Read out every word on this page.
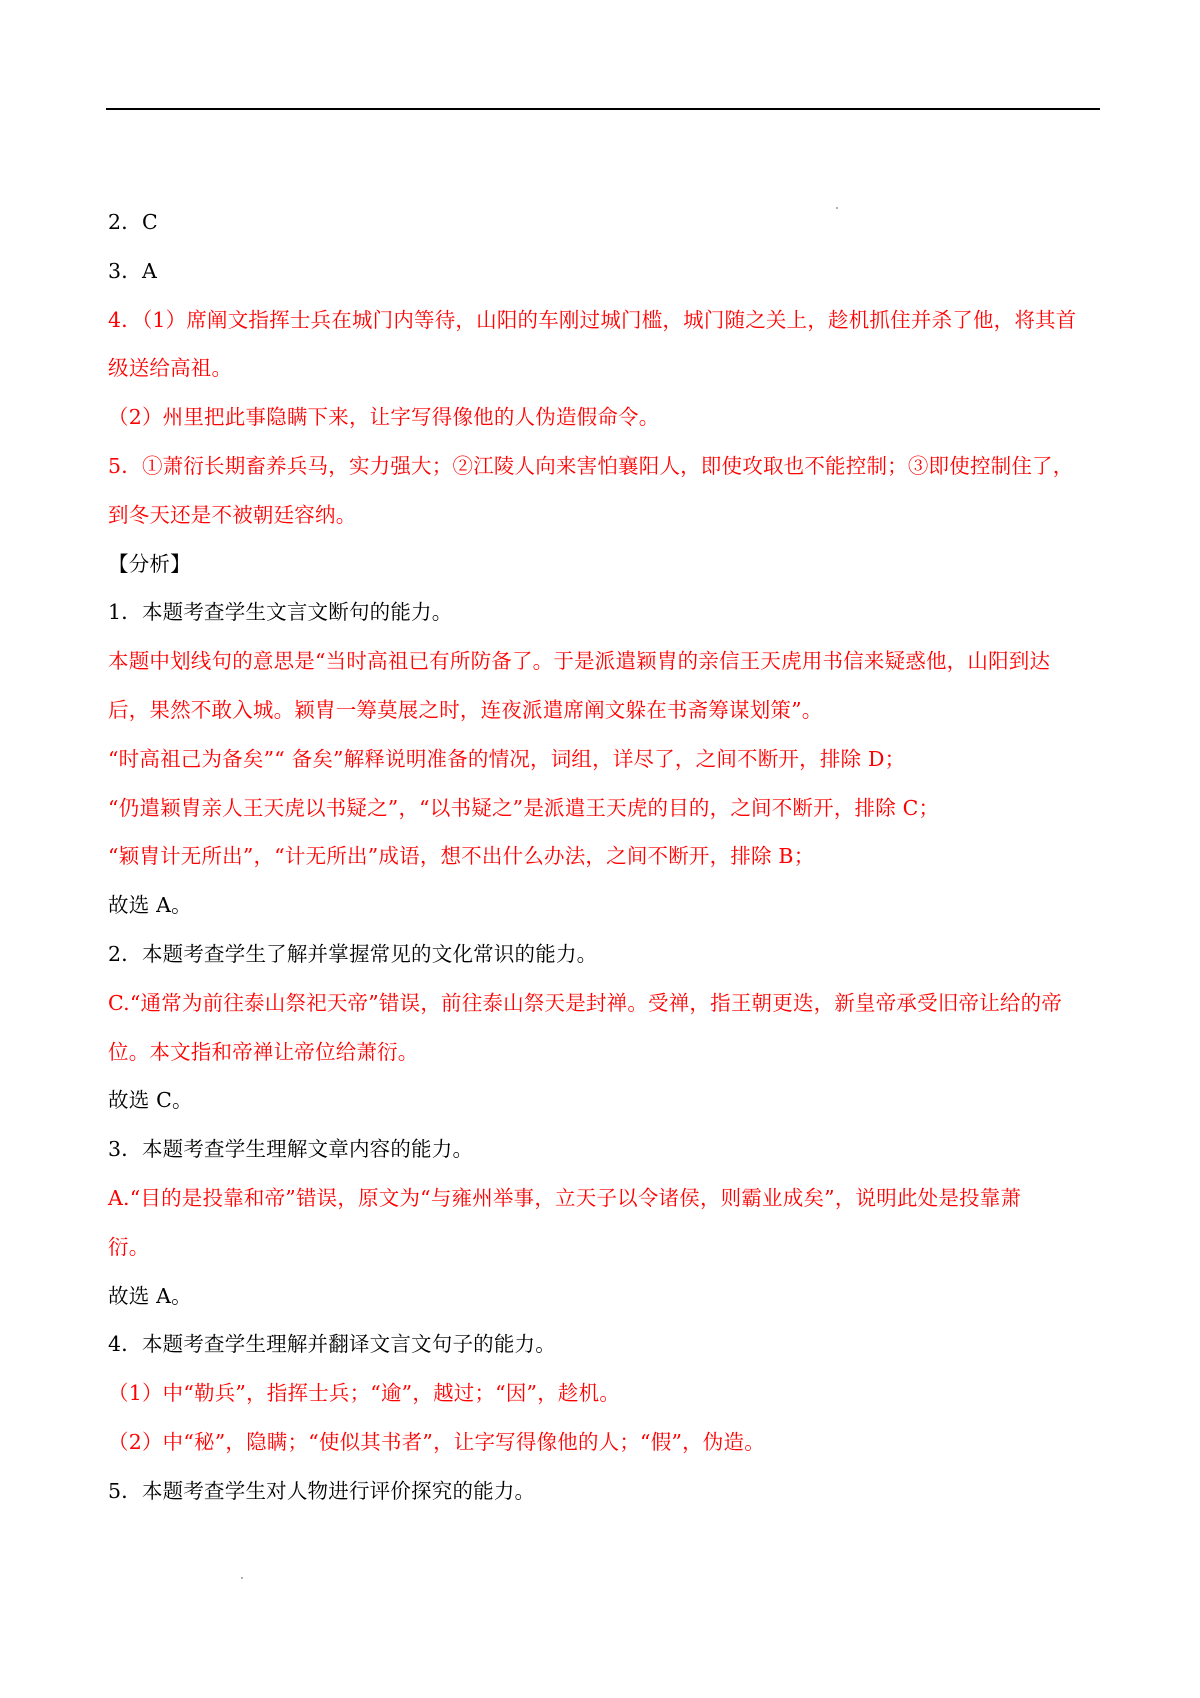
2．C
3．A
4．（1）席阐文指挥士兵在城门内等待，山阳的车刚过城门槛，城门随之关上，趁机抓住并杀了他，将其首
级送给高祖。
（2）州里把此事隐瞒下来，让字写得像他的人伪造假命令。
5．①萧衍长期畜养兵马，实力强大；②江陵人向来害怕襄阳人，即使攻取也不能控制；③即使控制住了，
到冬天还是不被朝廷容纳。
【分析】
1．本题考查学生文言文断句的能力。
本题中划线句的意思是“当时高祖已有所防备了。于是派遣颖胄的亲信王天虎用书信来疑惑他，山阳到达
后，果然不敢入城。颖胄一筹莫展之时，连夜派遣席阐文躲在书斋筹谋划策”。
“时高祖己为备矣”“ 备矣”解释说明准备的情况，词组，详尽了，之间不断开，排除 D；
“仍遣颖胄亲人王天虎以书疑之”，“以书疑之”是派遣王天虎的目的，之间不断开，排除 C；
“颖胄计无所出”，“计无所出”成语，想不出什么办法，之间不断开，排除 B；
故选 A。
2．本题考查学生了解并掌握常见的文化常识的能力。
C.“通常为前往泰山祭祀天帝”错误，前往泰山祭天是封禅。受禅，指王朝更迭，新皇帝承受旧帝让给的帝
位。本文指和帝禅让帝位给萧衍。
故选 C。
3．本题考查学生理解文章内容的能力。
A.“目的是投靠和帝”错误，原文为“与雍州举事，立天子以令诸侯，则霸业成矣”，说明此处是投靠萧
衍。
故选 A。
4．本题考查学生理解并翻译文言文句子的能力。
（1）中“勒兵”，指挥士兵；“逾”，越过；“因”，趁机。
（2）中“秘”，隐瞒；“使似其书者”，让字写得像他的人；“假”，伪造。
5．本题考查学生对人物进行评价探究的能力。
